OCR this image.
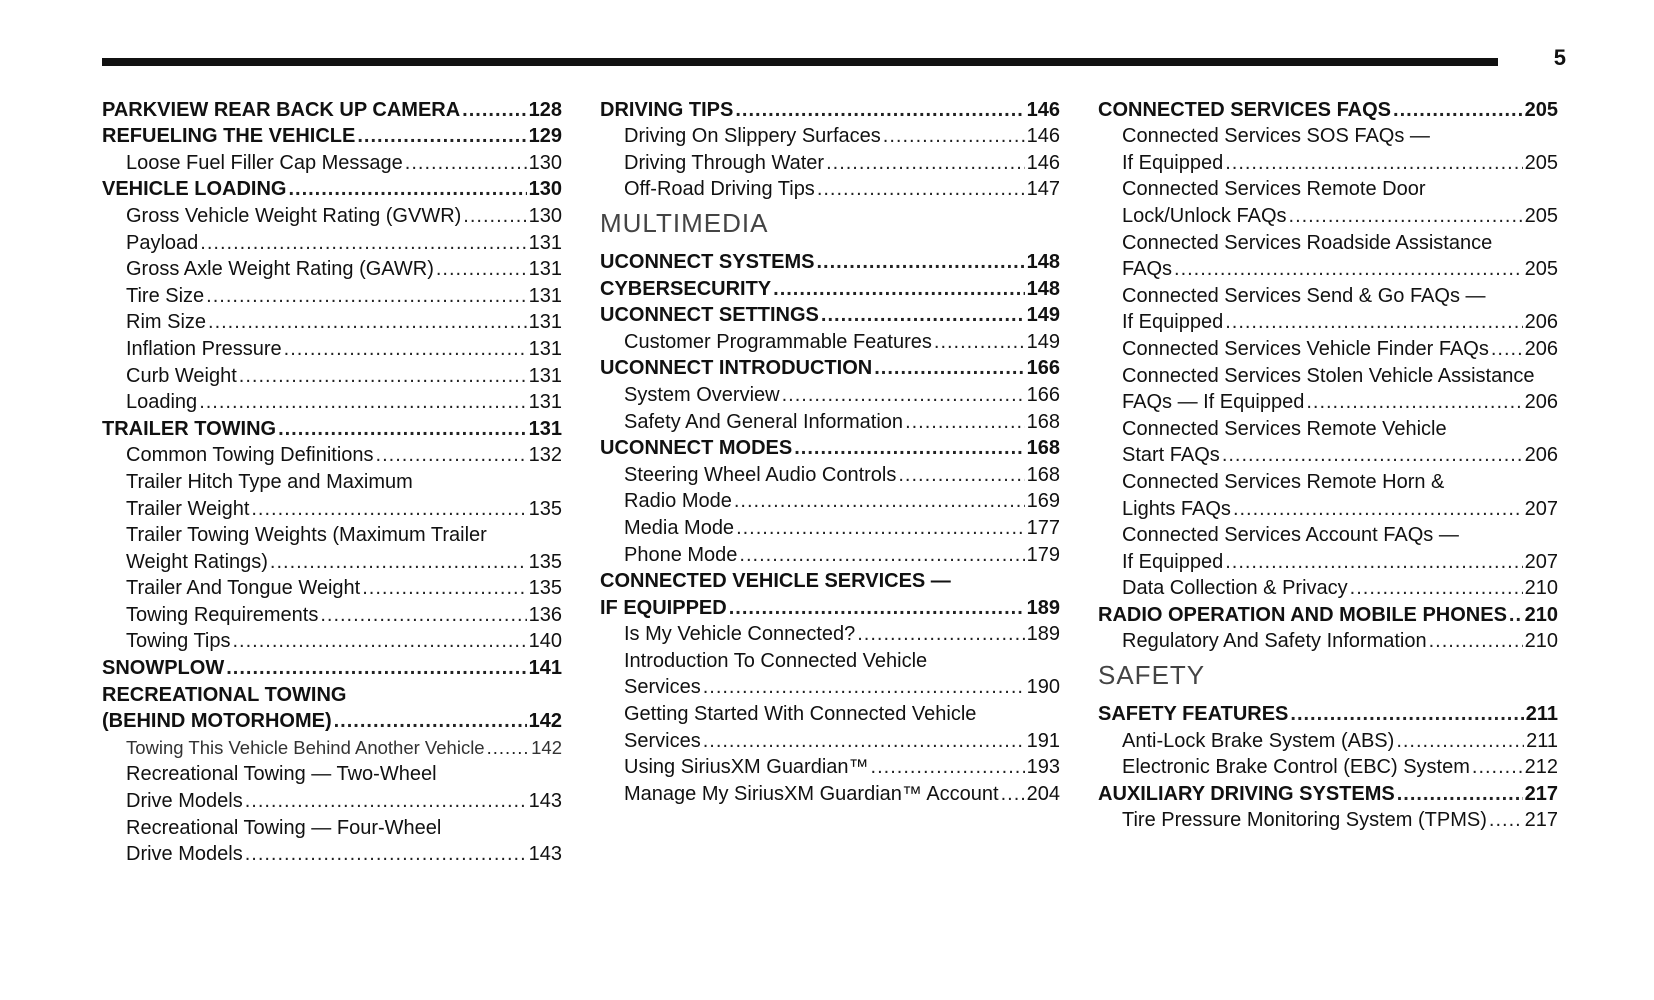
5
PARKVIEW REAR BACK UP CAMERA .....	128
REFUELING THE VEHICLE .....	129
Loose Fuel Filler Cap Message .....	130
VEHICLE LOADING .....	130
Gross Vehicle Weight Rating (GVWR) .....	130
Payload .....	131
Gross Axle Weight Rating (GAWR) .....	131
Tire Size .....	131
Rim Size .....	131
Inflation Pressure .....	131
Curb Weight .....	131
Loading .....	131
TRAILER TOWING .....	131
Common Towing Definitions .....	132
Trailer Hitch Type and Maximum
Trailer Weight .....	135
Trailer Towing Weights (Maximum Trailer
Weight Ratings) .....	135
Trailer And Tongue Weight .....	135
Towing Requirements .....	136
Towing Tips .....	140
SNOWPLOW .....	141
RECREATIONAL TOWING
(BEHIND MOTORHOME) .....	142
Towing This Vehicle Behind Another Vehicle .....	142
Recreational Towing — Two-Wheel
Drive Models .....	143
Recreational Towing — Four-Wheel
Drive Models .....	143
DRIVING TIPS .....	146
Driving On Slippery Surfaces .....	146
Driving Through Water .....	146
Off-Road Driving Tips .....	147
MULTIMEDIA
UCONNECT SYSTEMS .....	148
CYBERSECURITY .....	148
UCONNECT SETTINGS .....	149
Customer Programmable Features .....	149
UCONNECT INTRODUCTION .....	166
System Overview .....	166
Safety And General Information .....	168
UCONNECT MODES .....	168
Steering Wheel Audio Controls .....	168
Radio Mode .....	169
Media Mode .....	177
Phone Mode .....	179
CONNECTED VEHICLE SERVICES —
IF EQUIPPED .....	189
Is My Vehicle Connected? .....	189
Introduction To Connected Vehicle
Services .....	190
Getting Started With Connected Vehicle
Services .....	191
Using SiriusXM Guardian™ .....	193
Manage My SiriusXM Guardian™ Account ..... 204
CONNECTED SERVICES FAQS .....	205
Connected Services SOS FAQs —
If Equipped .....	205
Connected Services Remote Door
Lock/Unlock FAQs .....	205
Connected Services Roadside Assistance
FAQs .....	205
Connected Services Send & Go FAQs —
If Equipped .....	206
Connected Services Vehicle Finder FAQs ..... 206
Connected Services Stolen Vehicle Assistance
FAQs — If Equipped .....	206
Connected Services Remote Vehicle
Start FAQs .....	206
Connected Services Remote Horn &
Lights FAQs .....	207
Connected Services Account FAQs —
If Equipped .....	207
Data Collection & Privacy .....	210
RADIO OPERATION AND MOBILE PHONES ..... 210
Regulatory And Safety Information .....	210
SAFETY
SAFETY FEATURES .....	211
Anti-Lock Brake System (ABS) .....	211
Electronic Brake Control (EBC) System .....	212
AUXILIARY DRIVING SYSTEMS .....	217
Tire Pressure Monitoring System (TPMS) ..... 217
